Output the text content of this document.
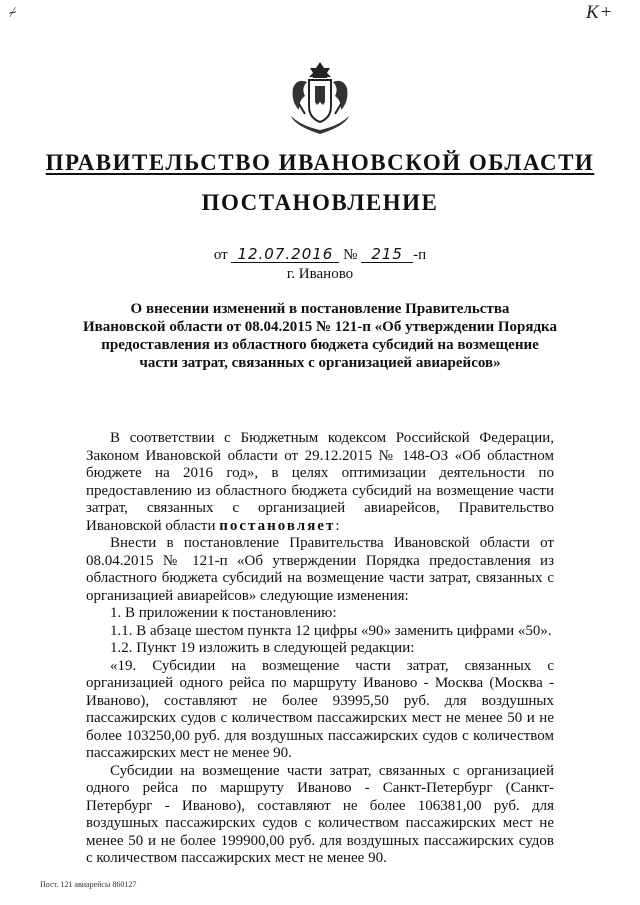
≁	К+
ПРАВИТЕЛЬСТВО ИВАНОВСКОЙ ОБЛАСТИ
ПОСТАНОВЛЕНИЕ
от 12.07.2016 № 215 -п
г. Иваново
О внесении изменений в постановление Правительства
Ивановской области от 08.04.2015 № 121-п «Об утверждении Порядка
предоставления из областного бюджета субсидий на возмещение
части затрат, связанных с организацией авиарейсов»

В соответствии с Бюджетным кодексом Российской Федерации, Законом Ивановской области от 29.12.2015 № 148-ОЗ «Об областном бюджете на 2016 год», в целях оптимизации деятельности по предоставлению из областного бюджета субсидий на возмещение части затрат, связанных с организацией авиарейсов, Правительство Ивановской области постановляет:

Внести в постановление Правительства Ивановской области от 08.04.2015 № 121-п «Об утверждении Порядка предоставления из областного бюджета субсидий на возмещение части затрат, связанных с организацией авиарейсов» следующие изменения:

1. В приложении к постановлению:

1.1. В абзаце шестом пункта 12 цифры «90» заменить цифрами «50».

1.2. Пункт 19 изложить в следующей редакции:

«19. Субсидии на возмещение части затрат, связанных с организацией одного рейса по маршруту Иваново - Москва (Москва - Иваново), составляют не более 93995,50 руб. для воздушных пассажирских судов с количеством пассажирских мест не менее 50 и не более 103250,00 руб. для воздушных пассажирских судов с количеством пассажирских мест не менее 90.

Субсидии на возмещение части затрат, связанных с организацией одного рейса по маршруту Иваново - Санкт-Петербург (Санкт-Петербург - Иваново), составляют не более 106381,00 руб. для воздушных пассажирских судов с количеством пассажирских мест не менее 50 и не более 199900,00 руб. для воздушных пассажирских судов с количеством пассажирских мест не менее 90.

Пост. 121 авиарейсы 860127
